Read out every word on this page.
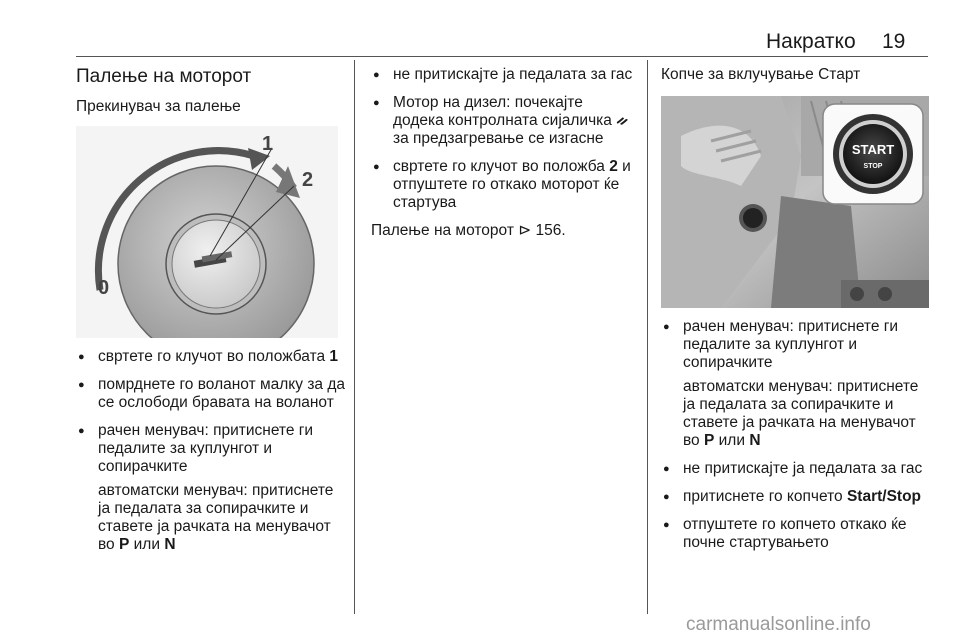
Накратко 19
Палење на моторот
Прекинувач за палење
1
2
0
● свртете го клучот во положбата 1
● помрднете го воланот малку за да се ослободи бравата на воланот
● рачен менувач: притиснете ги педалите за куплунгот и сопирачките
автоматски менувач: притиснете ја педалата за сопирачките и ставете ја рачката на менувачот во P или N
● не притискајте ја педалата за гас
● Мотор на дизел: почекајте додека контролната сијаличка ᨀ за предзагревање се изгасне
● свртете го клучот во положба 2 и отпуштете го откако моторот ќе стартува
Палење на моторот ⊳ 156.
Копче за вклучување Старт
START
STOP
● рачен менувач: притиснете ги педалите за куплунгот и сопирачките
автоматски менувач: притиснете ја педалата за сопирачките и ставете ја рачката на менувачот во P или N
● не притискајте ја педалата за гас
● притиснете го копчето Start/Stop
● отпуштете го копчето откако ќе почне стартувањето
carmanualsonline.info
